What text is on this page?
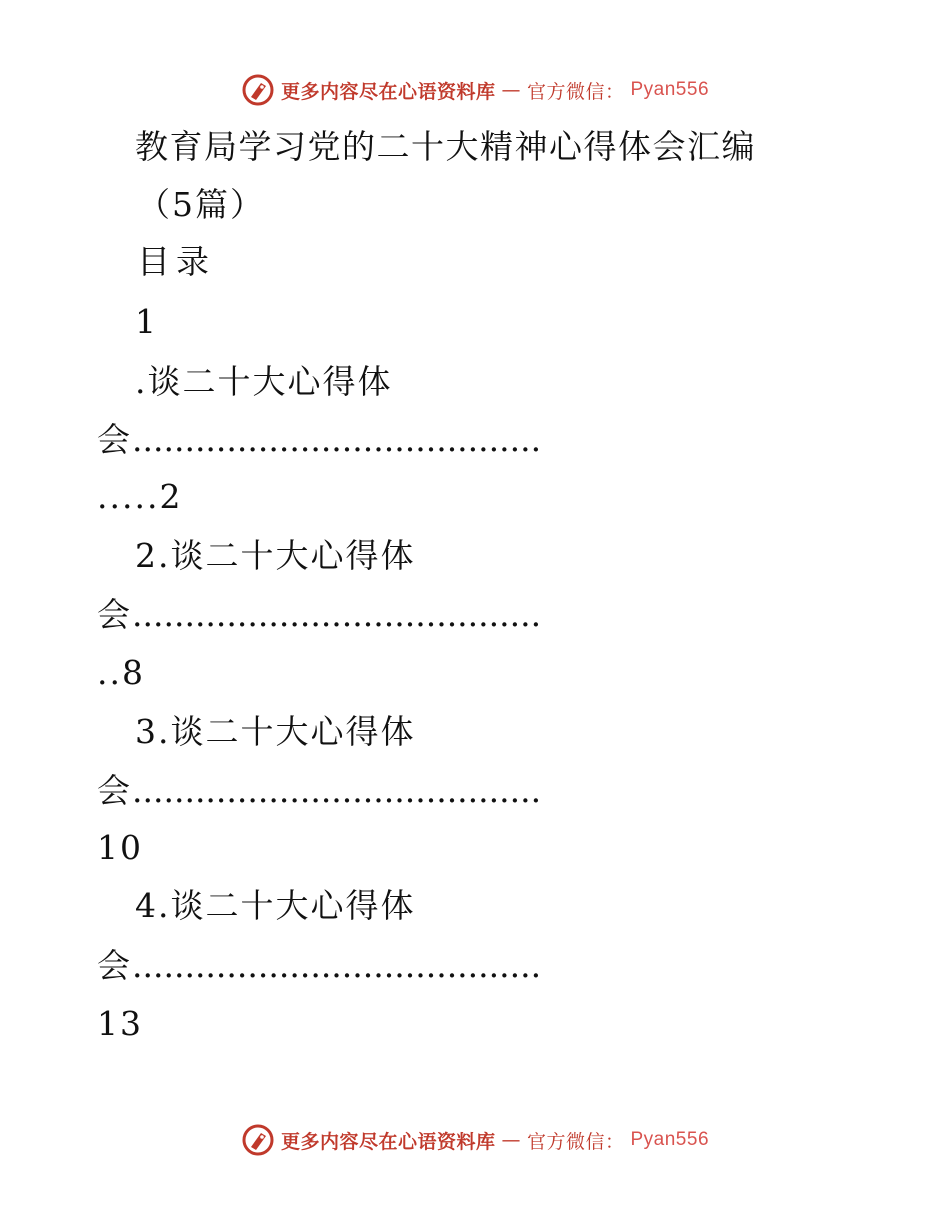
更多内容尽在心语资料库 — 官方微信： Pyan556
教育局学习党的二十大精神心得体会汇编
（5篇）
目录
1
.谈二十大心得体
会.......................................
.....2
2.谈二十大心得体
会.......................................
..8
3.谈二十大心得体
会.......................................
10
4.谈二十大心得体
会.......................................
13
更多内容尽在心语资料库 — 官方微信： Pyan556
